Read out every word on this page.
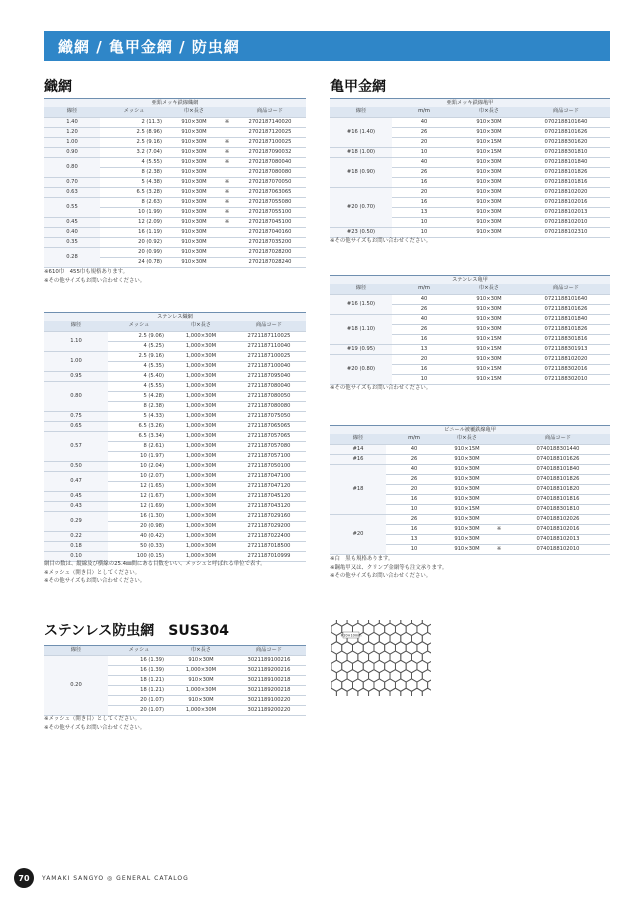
織網 / 亀甲金網 / 防虫網
織網
亜鉛メッキ鉄線織網
線径	メッシュ	巾×長さ		商品コード
1.40	2 (11.3)	910×30M	※	2702187140020
1.20	2.5 (8.96)	910×30M		2702187120025
1.00	2.5 (9.16)	910×30M	※	2702187100025
0.90	3.2 (7.04)	910×30M	※	2702187090032
0.80	4 (5.55)	910×30M	※	2702187080040
	8 (2.38)	910×30M		2702187080080
0.70	5 (4.38)	910×30M	※	2702187070050
0.63	6.5 (3.28)	910×30M	※	2702187063065
0.55	8 (2.63)	910×30M	※	2702187055080
	10 (1.99)	910×30M	※	2702187055100
0.45	12 (2.09)	910×30M	※	2702187045100
0.40	16 (1.19)	910×30M		2702187040160
0.35	20 (0.92)	910×30M		2702187035200
0.28	20 (0.99)	910×30M		2702187028200
	24 (0.78)	910×30M		2702187028240
※610巾　455巾も規格あります。
※その他サイズもお問い合わせください。
ステンレス織網
線径	メッシュ	巾×長さ	商品コード
1.10	2.5 (9.06)	1,000×30M	2721187110025
	4 (5.25)	1,000×30M	2721187110040
1.00	2.5 (9.16)	1,000×30M	2721187100025
	4 (5.35)	1,000×30M	2721187100040
0.95	4 (5.40)	1,000×30M	2721187095040
0.80	4 (5.55)	1,000×30M	2721187080040
	5 (4.28)	1,000×30M	2721187080050
	8 (2.38)	1,000×30M	2721187080080
0.75	5 (4.33)	1,000×30M	2721187075050
0.65	6.5 (3.26)	1,000×30M	2721187065065
0.57	6.5 (3.34)	1,000×30M	2721187057065
	8 (2.61)	1,000×30M	2721187057080
	10 (1.97)	1,000×30M	2721187057100
0.50	10 (2.04)	1,000×30M	2721187050100
0.47	10 (2.07)	1,000×30M	2721187047100
	12 (1.65)	1,000×30M	2721187047120
0.45	12 (1.67)	1,000×30M	2721187045120
0.43	12 (1.69)	1,000×30M	2721187043120
0.29	16 (1.30)	1,000×30M	2721187029160
	20 (0.98)	1,000×30M	2721187029200
0.22	40 (0.42)	1,000×30M	2721187022400
0.18	50 (0.33)	1,000×30M	2721187018500
0.10	100 (0.15)	1,000×30M	2721187010999
網目の数は、縦線及び横線の25.4㎜間にある目数をいい、メッシュと呼ばれる単位で表す。
※メッシュ（開き目）としてください。
※その他サイズもお問い合わせください。
ステンレス防虫網　SUS304
線径	メッシュ	巾×長さ	商品コード
0.20	16 (1.39)	910×30M	3021189100216
	16 (1.39)	1,000×30M	3021189200216
	18 (1.21)	910×30M	3021189100218
	18 (1.21)	1,000×30M	3021189200218
	20 (1.07)	910×30M	3021189100220
	20 (1.07)	1,000×30M	3021189200220
※メッシュ（開き目）としてください。
※その他サイズもお問い合わせください。
亀甲金網
亜鉛メッキ鉄線亀甲
線径	m/m	巾×長さ	商品コード
#16 (1.40)	40	910×30M	0702188101640
	26	910×30M	0702188101626
	20	910×15M	0702188301620
#18 (1.00)	10	910×15M	0702188301810
#18 (0.90)	40	910×30M	0702188101840
	26	910×30M	0702188101826
	16	910×30M	0702188101816
#20 (0.70)	20	910×30M	0702188102020
	16	910×30M	0702188102016
	13	910×30M	0702188102013
	10	910×30M	0702188102010
#23 (0.50)	10	910×30M	0702188102310
※その他サイズもお問い合わせください。
ステンレス亀甲
線径	m/m	巾×長さ	商品コード
#16 (1.50)	40	910×30M	0721188101640
	26	910×30M	0721188101626
#18 (1.10)	40	910×30M	0721188101840
	26	910×30M	0721188101826
	16	910×15M	0721188301816
#19 (0.95)	13	910×15M	0721188301913
#20 (0.80)	20	910×30M	0721188102020
	16	910×15M	0721188302016
	10	910×15M	0721188302010
※その他サイズもお問い合わせください。
ビニール被覆鉄線亀甲
線径	m/m	巾×長さ		商品コード
#14	40	910×15M		0740188301440
#16	26	910×30M		0740188101626
#18	40	910×30M		0740188101840
	26	910×30M		0740188101826
	20	910×30M		0740188101820
	16	910×30M		0740188101816
	10	910×15M		0740188301810
#20	26	910×30M		0740188102026
	16	910×30M	※	0740188102016
	13	910×30M		0740188102013
	10	910×30M	※	0740188102010
※白　黒も規格あります。
※鋼亀甲又は、クリンプ金網等も注文承ります。
※その他サイズもお問い合わせください。
#20×10mm
70	YAMAKI SANGYO ◎ GENERAL CATALOG
